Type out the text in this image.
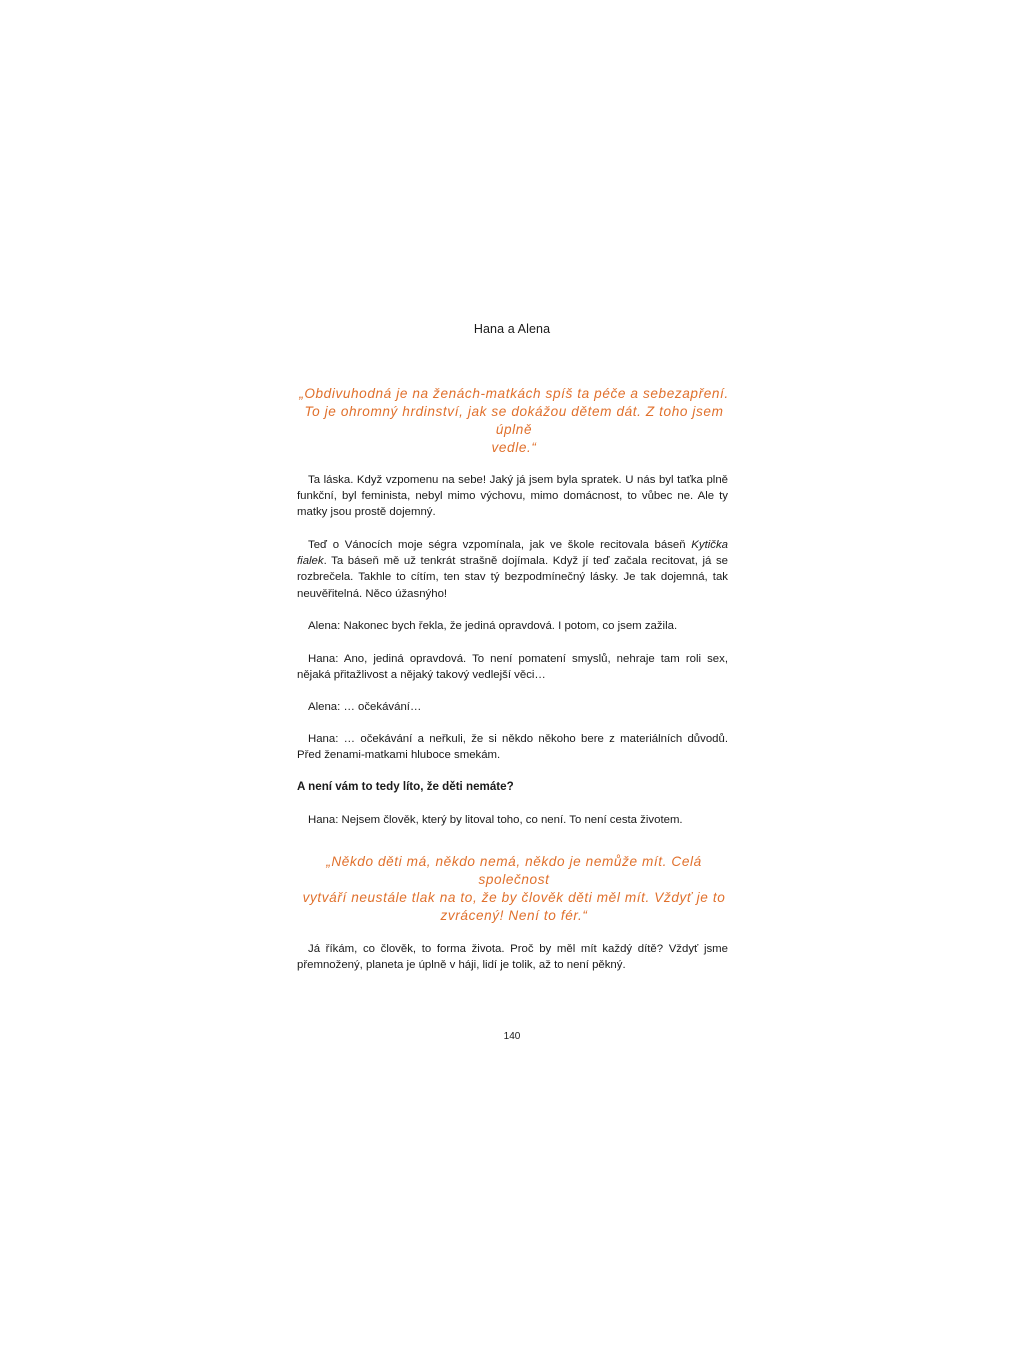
Hana a Alena

„Obdivuhodná je na ženách-matkách spíš ta péče a sebezapření.
To je ohromný hrdinství, jak se dokážou dětem dát. Z toho jsem úplně
vedle.“

Ta láska. Když vzpomenu na sebe! Jaký já jsem byla spratek. U nás byl taťka plně funkční, byl feminista, nebyl mimo výchovu, mimo domácnost, to vůbec ne. Ale ty matky jsou prostě dojemný.

Teď o Vánocích moje ségra vzpomínala, jak ve škole recitovala báseň Kytička fialek. Ta báseň mě už tenkrát strašně dojímala. Když jí teď začala recitovat, já se rozbrečela. Takhle to cítím, ten stav tý bezpodmínečný lásky. Je tak dojemná, tak neuvěřitelná. Něco úžasnýho!

Alena: Nakonec bych řekla, že jediná opravdová. I potom, co jsem zažila.

Hana: Ano, jediná opravdová. To není pomatení smyslů, nehraje tam roli sex, nějaká přitažlivost a nějaký takový vedlejší věci…

Alena: … očekávání…

Hana: … očekávání a neřkuli, že si někdo někoho bere z materiálních důvodů. Před ženami-matkami hluboce smekám.

A není vám to tedy líto, že děti nemáte?

Hana: Nejsem člověk, který by litoval toho, co není. To není cesta životem.

„Někdo děti má, někdo nemá, někdo je nemůže mít. Celá společnost
vytváří neustále tlak na to, že by člověk děti měl mít. Vždyť je to
zvrácený! Není to fér.“

Já říkám, co člověk, to forma života. Proč by měl mít každý dítě? Vždyť jsme přemnožený, planeta je úplně v háji, lidí je tolik, až to není pěkný.

140
